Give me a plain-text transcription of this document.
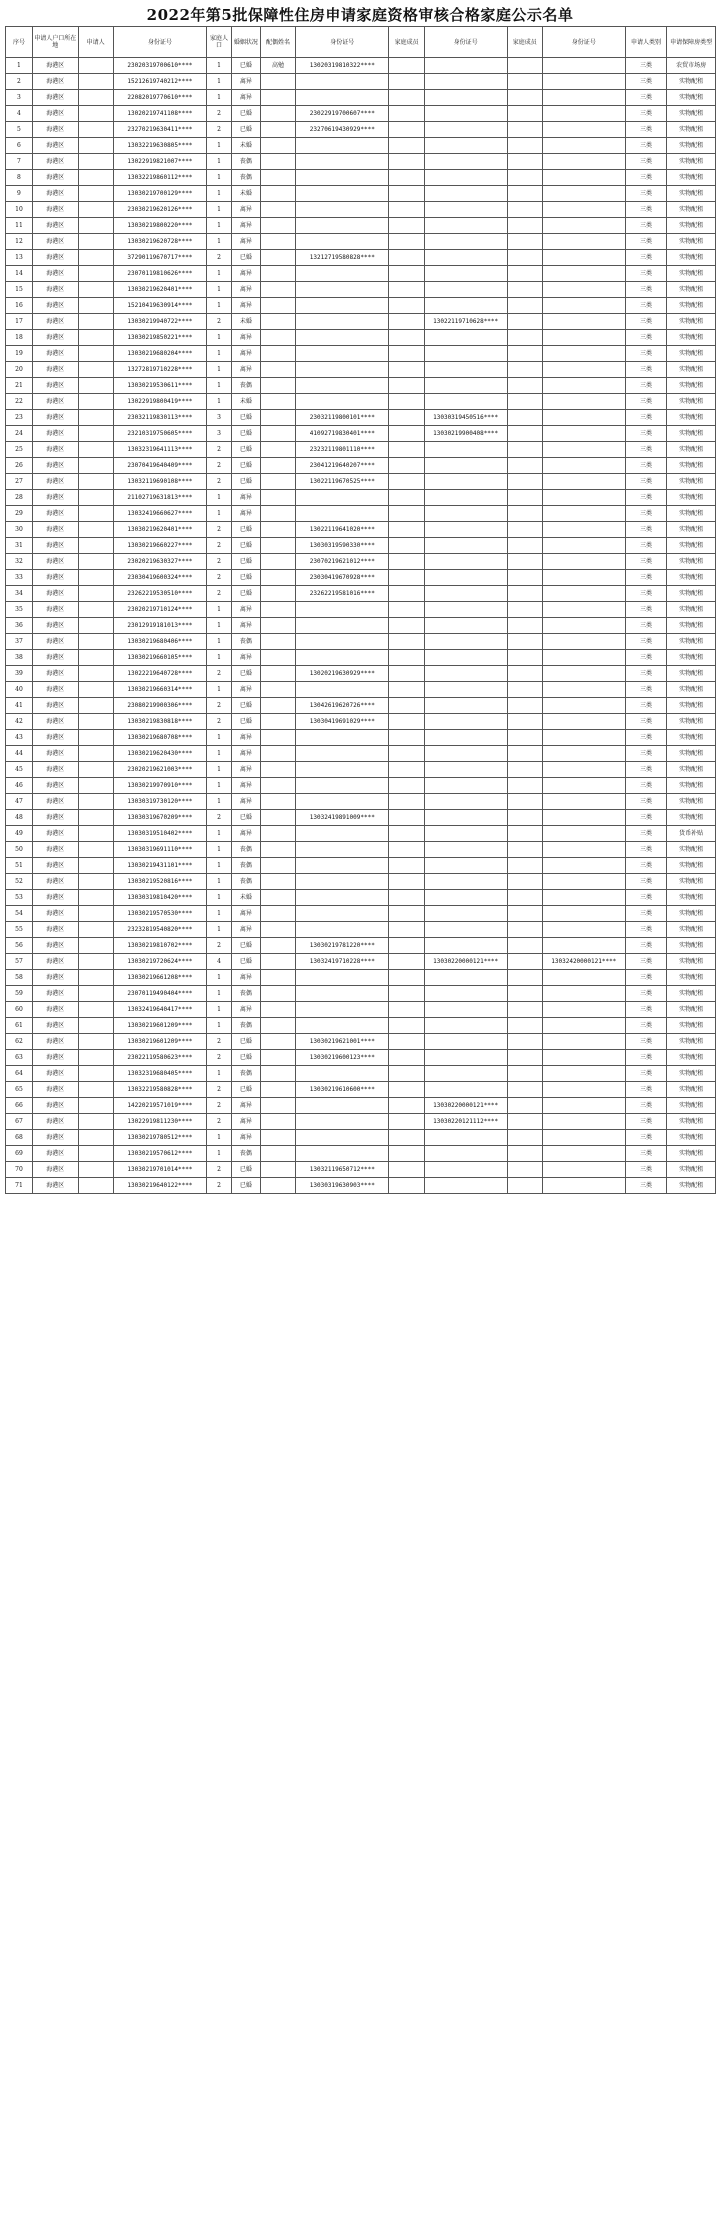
2022年第5批保障性住房申请家庭资格审核合格家庭公示名单
序号	申请人户口所在地	申请人	身份证号	家庭人口	婚姻状况	配偶姓名	身份证号	家庭成员	身份证号	家庭成员	身份证号	申请人类别	申请保障房类型
1	海港区		23020319700610****	1	已婚	高勉	13020319810322****					三类	农贸市场房
2	海港区		15212619740212****	1	离异							三类	实物配租
3	海港区		22082019770610****	1	离异							三类	实物配租
4	海港区		13020219741108****	2	已婚		23022919700607****					三类	实物配租
5	海港区		23270219630411****	2	已婚		23270619430929****					三类	实物配租
6	海港区		13032219630805****	1	未婚							三类	实物配租
7	海港区		13022919821007****	1	丧偶							三类	实物配租
8	海港区		13032219860112****	1	丧偶							三类	实物配租
9	海港区		13030219700129****	1	未婚							三类	实物配租
10	海港区		23030219620126****	1	离异							三类	实物配租
11	海港区		13030219800220****	1	离异							三类	实物配租
12	海港区		13030219620728****	1	离异							三类	实物配租
13	海港区		37290119670717****	2	已婚		13212719580828****					三类	实物配租
14	海港区		23070119810626****	1	离异							三类	实物配租
15	海港区		13030219620401****	1	离异							三类	实物配租
16	海港区		15210419630914****	1	离异							三类	实物配租
17	海港区		13030219940722****	2	未婚				13022119710628****			三类	实物配租
18	海港区		13030219850221****	1	离异							三类	实物配租
19	海港区		13030219680204****	1	离异							三类	实物配租
20	海港区		13272819710228****	1	离异							三类	实物配租
21	海港区		13030219530611****	1	丧偶							三类	实物配租
22	海港区		13022919800419****	1	未婚							三类	实物配租
23	海港区		23032119830113****	3	已婚		23032119800101****		13030319450516****			三类	实物配租
24	海港区		23210319750605****	3	已婚		41092719830401****		13030219900408****			三类	实物配租
25	海港区		13032319641113****	2	已婚		23232119801110****					三类	实物配租
26	海港区		23070419640409****	2	已婚		23041219640207****					三类	实物配租
27	海港区		13032119690108****	2	已婚		13022119670525****					三类	实物配租
28	海港区		21102719631813****	1	离异							三类	实物配租
29	海港区		13032419660627****	1	离异							三类	实物配租
30	海港区		13030219620401****	2	已婚		13022119641020****					三类	实物配租
31	海港区		13030219660227****	2	已婚		13030319590330****					三类	实物配租
32	海港区		23020219630327****	2	已婚		23070219621012****					三类	实物配租
33	海港区		23030419600324****	2	已婚		23030419670928****					三类	实物配租
34	海港区		23262219530510****	2	已婚		23262219581016****					三类	实物配租
35	海港区		23020219710124****	1	离异							三类	实物配租
36	海港区		23012919181013****	1	离异							三类	实物配租
37	海港区		13030219680406****	1	丧偶							三类	实物配租
38	海港区		13030219660105****	1	离异							三类	实物配租
39	海港区		13022219640728****	2	已婚		13020219630929****					三类	实物配租
40	海港区		13030219660314****	1	离异							三类	实物配租
41	海港区		23080219900306****	2	已婚		13042619620726****					三类	实物配租
42	海港区		13030219830818****	2	已婚		13030419691029****					三类	实物配租
43	海港区		13030219680708****	1	离异							三类	实物配租
44	海港区		13030219620430****	1	离异							三类	实物配租
45	海港区		23020219621003****	1	离异							三类	实物配租
46	海港区		13030219970910****	1	离异							三类	实物配租
47	海港区		13030319730120****	1	离异							三类	实物配租
48	海港区		13030319670209****	2	已婚		13032419891009****					三类	实物配租
49	海港区		13030319510402****	1	离异							三类	货币补贴
50	海港区		13030319691110****	1	丧偶							三类	实物配租
51	海港区		13030219431101****	1	丧偶							三类	实物配租
52	海港区		13030219520816****	1	丧偶							三类	实物配租
53	海港区		13030319810420****	1	未婚							三类	实物配租
54	海港区		13030219570530****	1	离异							三类	实物配租
55	海港区		23232819540820****	1	离异							三类	实物配租
56	海港区		13030219810702****	2	已婚		13030219781220****					三类	实物配租
57	海港区		13030219720624****	4	已婚		13032419710228****		13030220000121****		13032420000121****	三类	实物配租
58	海港区		13030219661208****	1	离异							三类	实物配租
59	海港区		23070119490404****	1	丧偶							三类	实物配租
60	海港区		13032419640417****	1	离异							三类	实物配租
61	海港区		13030219601209****	1	丧偶							三类	实物配租
62	海港区		13030219601209****	2	已婚		13030219621001****					三类	实物配租
63	海港区		23022119580623****	2	已婚		13030219600123****					三类	实物配租
64	海港区		13032319680405****	1	丧偶							三类	实物配租
65	海港区		13032219580828****	2	已婚		13030219610600****					三类	实物配租
66	海港区		14220219571019****	2	离异				13030220000121****			三类	实物配租
67	海港区		13022919811230****	2	离异				13030220121112****			三类	实物配租
68	海港区		13030219780512****	1	离异							三类	实物配租
69	海港区		13030219570612****	1	丧偶							三类	实物配租
70	海港区		13030219701014****	2	已婚		13032119650712****					三类	实物配租
71	海港区		13030219640122****	2	已婚		13030319630903****					三类	实物配租
